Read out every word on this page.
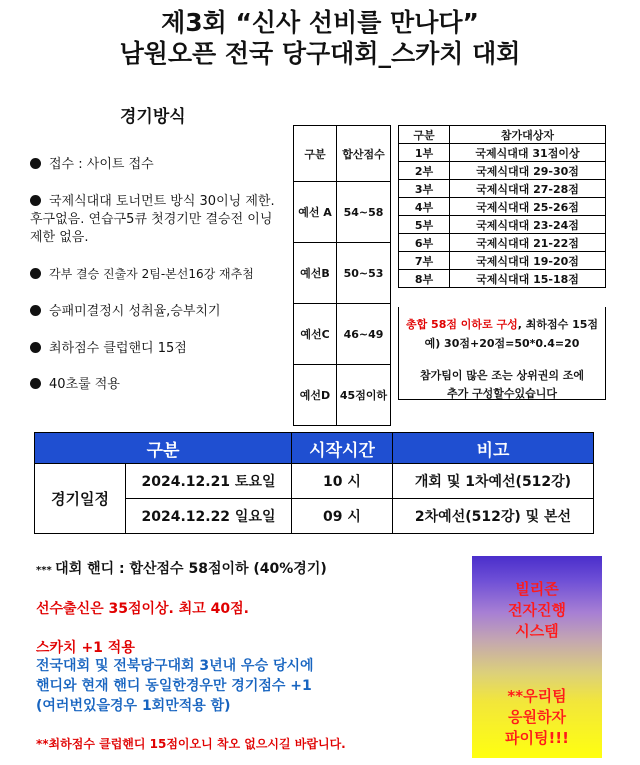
제3회 “신사 선비를 만나다”
남원오픈 전국 당구대회_스카치 대회
경기방식
접수 : 사이트 접수
국제식대대 토너먼트 방식 30이닝 제한. 후구없음. 연습구5큐 첫경기만 결승전 이닝제한 없음.
각부 결승 진출자 2팀-본선16강 재추첨
승패미결정시 성취율,승부치기
최하점수 클럽핸디 15점
40초룰 적용
구분	합산점수
예선 A	54~58
예선B	50~53
예선C	46~49
예선D	45점이하
구분	참가대상자
1부	국제식대대 31점이상
2부	국제식대대 29-30점
3부	국제식대대 27-28점
4부	국제식대대 25-26점
5부	국제식대대 23-24점
6부	국제식대대 21-22점
7부	국제식대대 19-20점
8부	국제식대대 15-18점
총합 58점 이하로 구성, 최하점수 15점
예) 30점+20점=50*0.4=20
참가팀이 많은 조는 상위권의 조에
추가 구성할수있습니다
구분		시작시간	비고
경기일정	2024.12.21 토요일	10 시	개회 및 1차예선(512강)
	2024.12.22 일요일	09 시	2차예선(512강) 및 본선
*** 대회 핸디 : 합산점수 58점이하 (40%경기)
선수출신은 35점이상. 최고 40점.
스카치 +1 적용
전국대회 및 전북당구대회 3년내 우승 당시에
핸디와 현재 핸디 동일한경우만 경기점수 +1
(여러번있을경우 1회만적용 함)
**최하점수 클럽핸디 15점이오니 착오 없으시길 바랍니다.
빌리존
전자진행
시스템
**우리팀
응원하자
파이팅!!!
